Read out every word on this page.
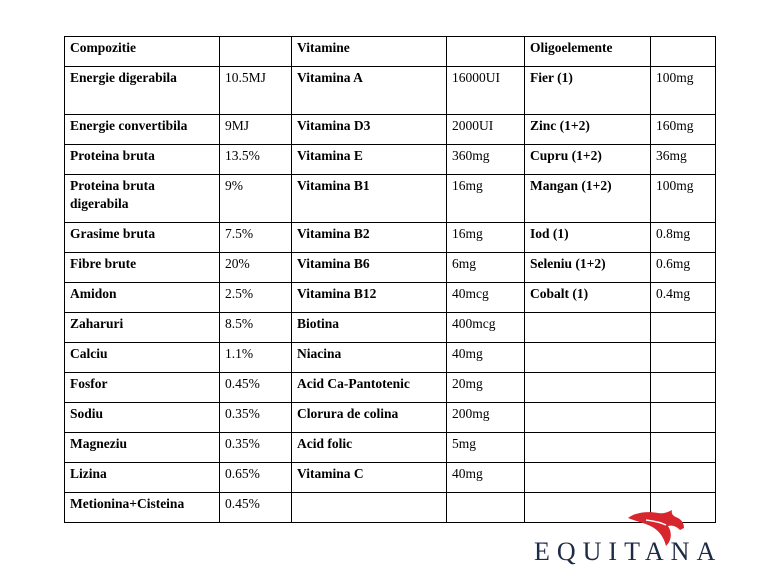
Compozitie		Vitamine		Oligoelemente	
Energie digerabila	10.5MJ	Vitamina A	16000UI	Fier (1)	100mg
Energie convertibila	9MJ	Vitamina D3	2000UI	Zinc (1+2)	160mg
Proteina bruta	13.5%	Vitamina E	360mg	Cupru (1+2)	36mg
Proteina bruta digerabila	9%	Vitamina B1	16mg	Mangan (1+2)	100mg
Grasime bruta	7.5%	Vitamina B2	16mg	Iod (1)	0.8mg
Fibre brute	20%	Vitamina B6	6mg	Seleniu (1+2)	0.6mg
Amidon	2.5%	Vitamina B12	40mcg	Cobalt (1)	0.4mg
Zaharuri	8.5%	Biotina	400mcg		
Calciu	1.1%	Niacina	40mg		
Fosfor	0.45%	Acid Ca-Pantotenic	20mg		
Sodiu	0.35%	Clorura de colina	200mg		
Magneziu	0.35%	Acid folic	5mg		
Lizina	0.65%	Vitamina C	40mg		
Metionina+Cisteina	0.45%				
EQUITANA
